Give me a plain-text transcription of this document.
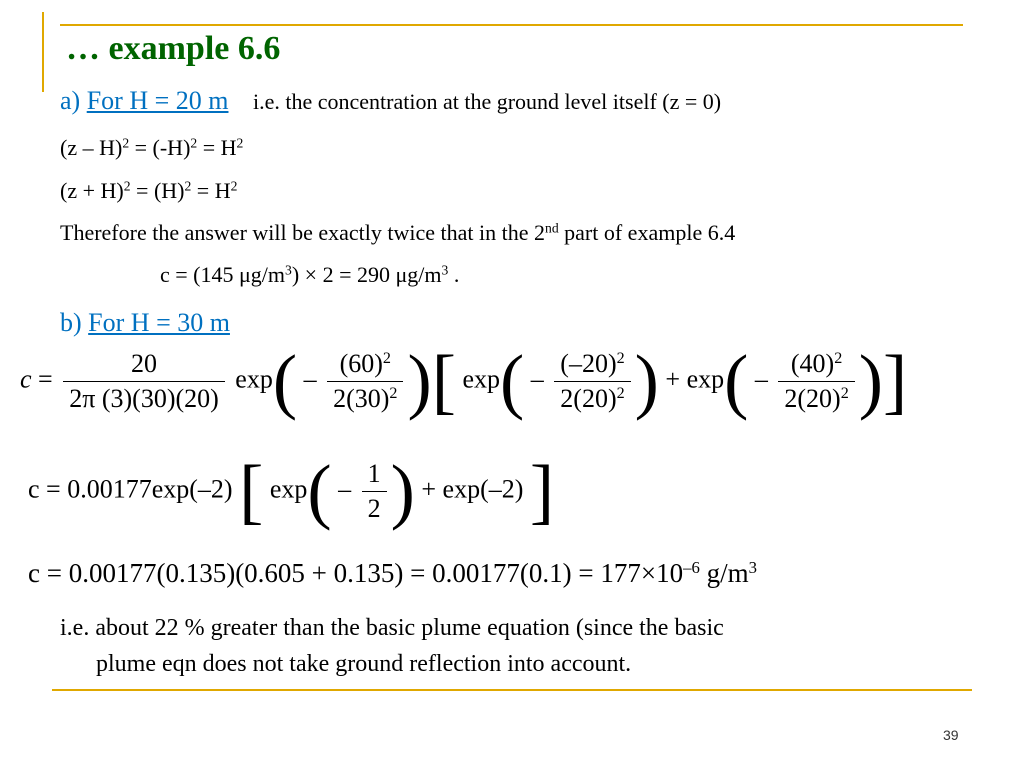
… example 6.6
a) For H = 20 m i.e. the concentration at the ground level itself (z = 0)
$(z - H)^2 = (-H)^2 = H^2$
$(z + H)^2 = (H)^2 = H^2$
Therefore the answer will be exactly twice that in the 2nd part of example 6.4
c = (145 $\mu g/m^3) \times 2 = 290$ $\mu g/m^3$ .
b) For H = 30 m
$c = \frac{20}{2\pi (3)(30)(20)} \exp( - \frac{(60)^2}{2(30)^2}$ )[ $\exp( - \frac{(-20)^2}{2(20)^2}$ ) + $\exp( - \frac{(40)^2}{2(20)^2}$ )]
c = 0.00177exp(–2) [ $\exp( - \frac{1}{2}$ ) + exp(–2) ]
$c = 0.00177(0.135)(0.605 + 0.135) = 0.00177(0.1) = 177\times 10^{-6}$ $g/m^3$
i.e. about 22 % greater than the basic plume equation (since the basic
plume eqn does not take ground reflection into account.
39
